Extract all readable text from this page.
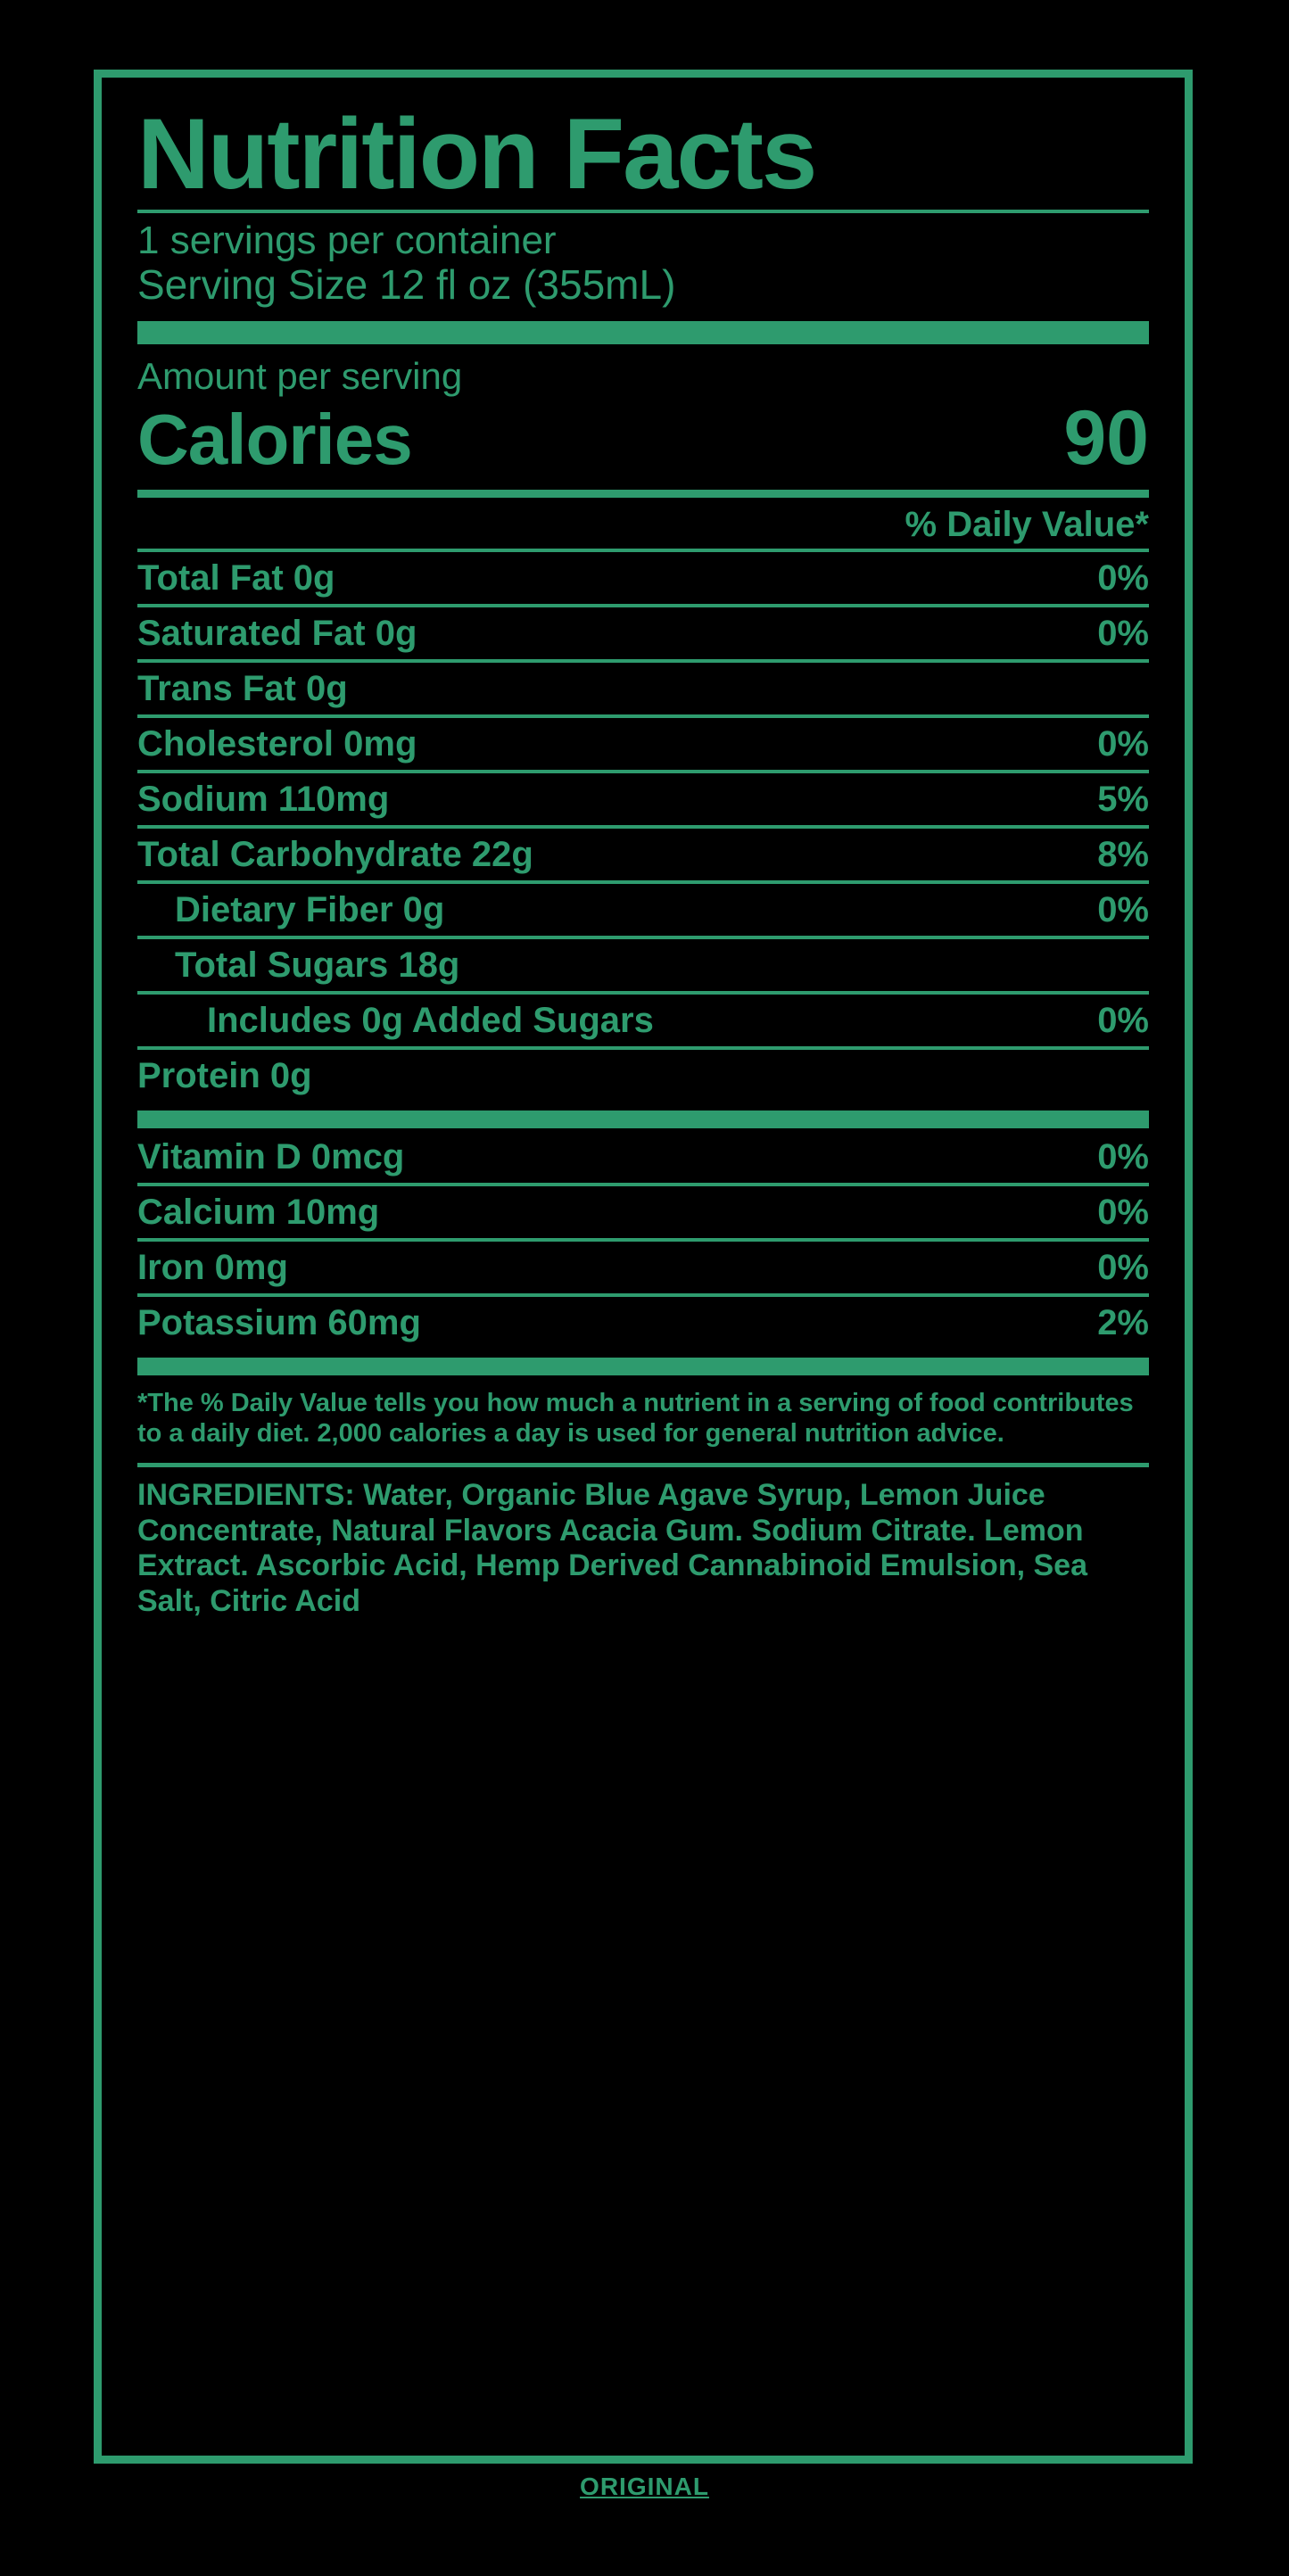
Nutrition Facts
1 servings per container
Serving Size 12 fl oz (355mL)
Amount per serving
Calories	90
% Daily Value*
Total Fat 0g	0%
Saturated Fat 0g	0%
Trans Fat 0g
Cholesterol 0mg	0%
Sodium 110mg	5%
Total Carbohydrate 22g	8%
Dietary Fiber 0g	0%
Total Sugars 18g
Includes 0g Added Sugars	0%
Protein 0g
Vitamin D 0mcg	0%
Calcium 10mg	0%
Iron 0mg	0%
Potassium 60mg	2%
*The % Daily Value tells you how much a nutrient in a serving of food contributes to a daily diet. 2,000 calories a day is used for general nutrition advice.
INGREDIENTS: Water, Organic Blue Agave Syrup, Lemon Juice Concentrate, Natural Flavors Acacia Gum. Sodium Citrate. Lemon Extract. Ascorbic Acid, Hemp Derived Cannabinoid Emulsion, Sea Salt, Citric Acid
ORIGINAL
